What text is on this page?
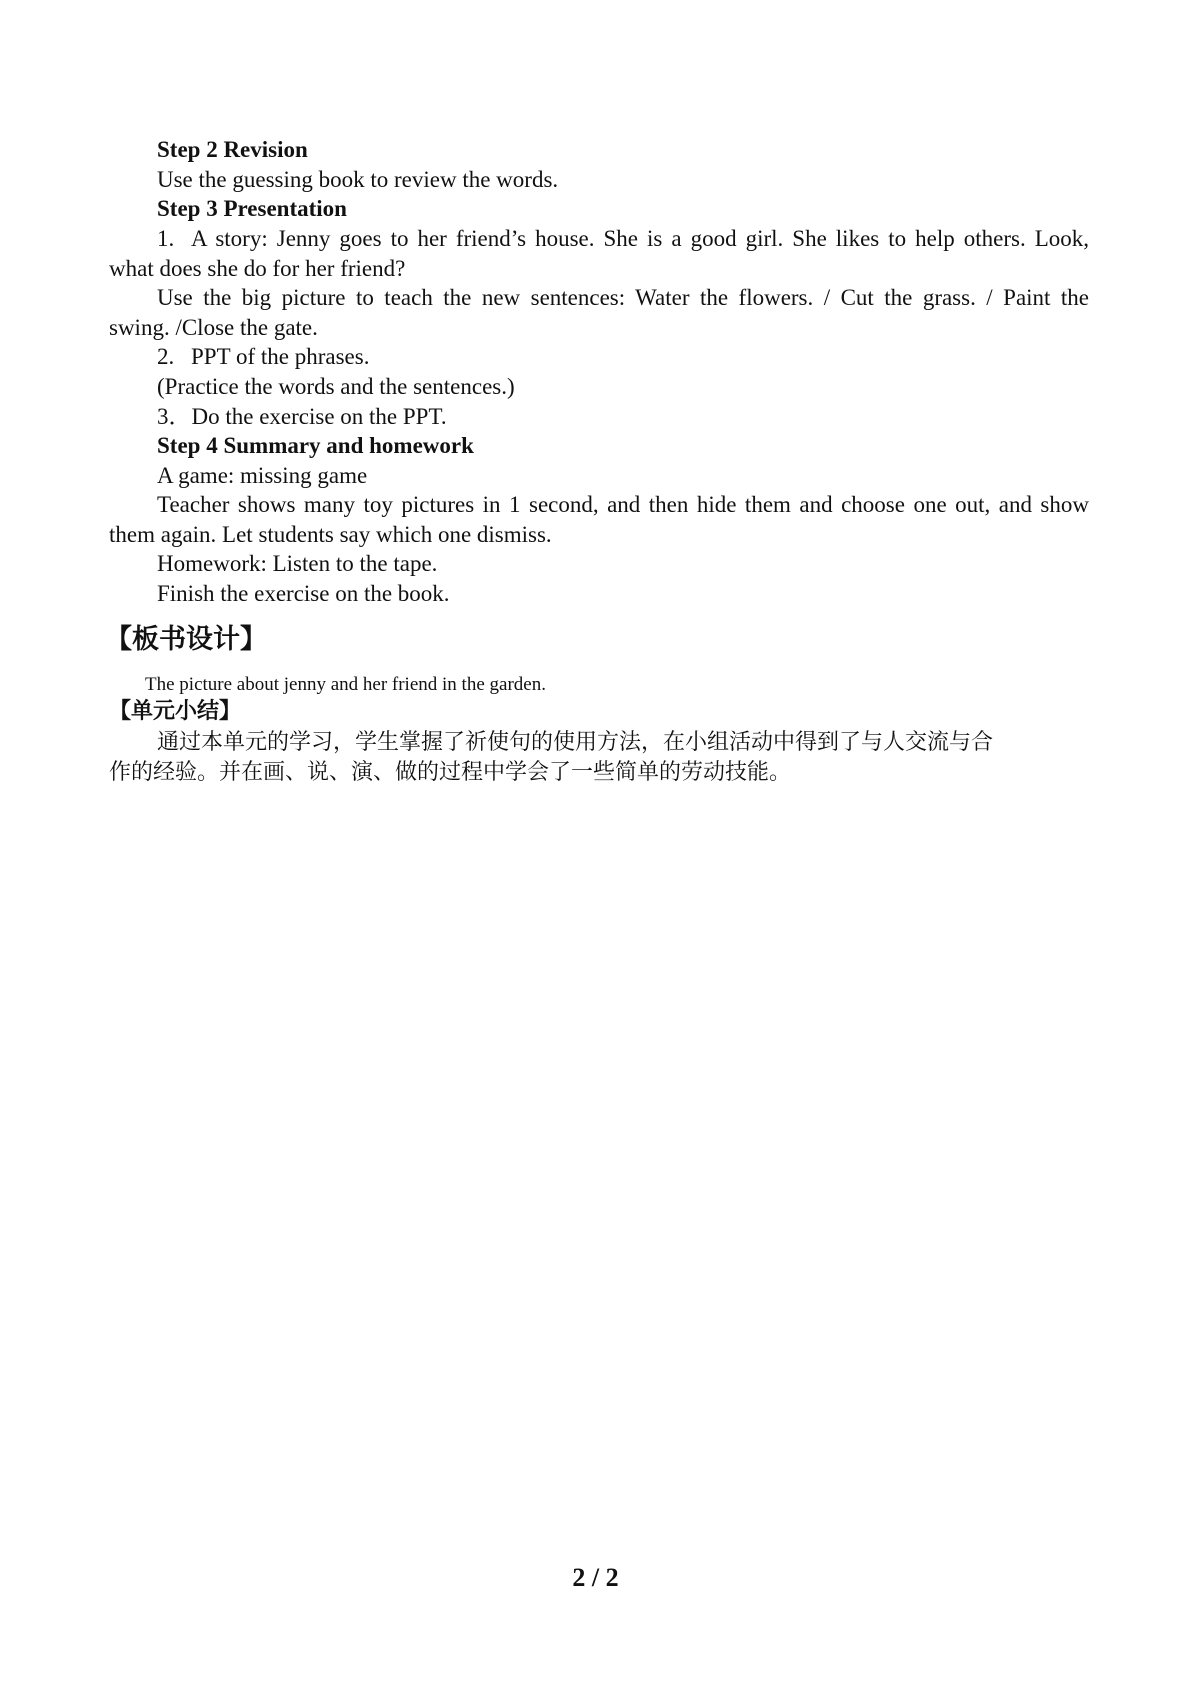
Step 2 Revision
Use the guessing book to review the words.
Step 3 Presentation
1. A story: Jenny goes to her friend’s house. She is a good girl. She likes to help others. Look,
what does she do for her friend?
Use the big picture to teach the new sentences: Water the flowers. / Cut the grass. / Paint the
swing. /Close the gate.
2. PPT of the phrases.
(Practice the words and the sentences.)
3．Do the exercise on the PPT.
Step 4 Summary and homework
A game: missing game
Teacher shows many toy pictures in 1 second, and then hide them and choose one out, and show
them again. Let students say which one dismiss.
Homework: Listen to the tape.
Finish the exercise on the book.
【板书设计】
The picture about jenny and her friend in the garden.
【单元小结】
通过本单元的学习，学生掌握了祈使句的使用方法，在小组活动中得到了与人交流与合
作的经验。并在画、说、演、做的过程中学会了一些简单的劳动技能。
2 / 2
